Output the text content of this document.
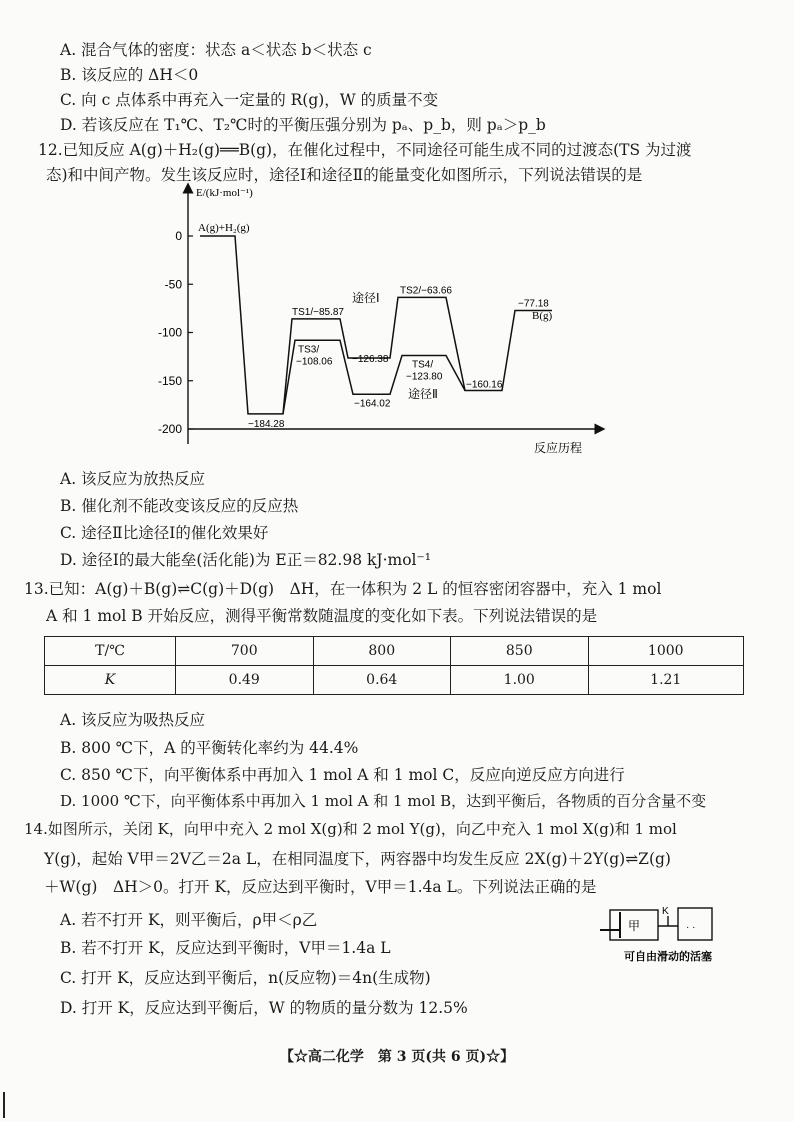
A. 混合气体的密度：状态 a＜状态 b＜状态 c
B. 该反应的 ΔH＜0
C. 向 c 点体系中再充入一定量的 R(g)，W 的质量不变
D. 若该反应在 T₁℃、T₂℃时的平衡压强分别为 pₐ、p_b，则 pₐ＞p_b
12.已知反应 A(g)＋H₂(g)══B(g)，在催化过程中，不同途径可能生成不同的过渡态(TS 为过渡
态)和中间产物。发生该反应时，途径Ⅰ和途径Ⅱ的能量变化如图所示，下列说法错误的是
E/(kJ·mol⁻¹)
反应历程
0
-50
-100
-150
-200	−184.28
TS1/−85.87
−126.38
TS2/−63.66
−160.16
−77.18
TS3/
−108.06
−164.02
TS4/
−123.80
A(g)+H₂(g)
B(g)
途径Ⅰ
途径Ⅱ
A. 该反应为放热反应
B. 催化剂不能改变该反应的反应热
C. 途径Ⅱ比途径Ⅰ的催化效果好
D. 途径Ⅰ的最大能垒(活化能)为 E正＝82.98 kJ·mol⁻¹
13.已知：A(g)＋B(g)⇌C(g)＋D(g)　ΔH，在一体积为 2 L 的恒容密闭容器中，充入 1 mol
A 和 1 mol B 开始反应，测得平衡常数随温度的变化如下表。下列说法错误的是
T/℃	700	800	850	1000
K	0.49	0.64	1.00	1.21
A. 该反应为吸热反应
B. 800 ℃下，A 的平衡转化率约为 44.4%
C. 850 ℃下，向平衡体系中再加入 1 mol A 和 1 mol C，反应向逆反应方向进行
D. 1000 ℃下，向平衡体系中再加入 1 mol A 和 1 mol B，达到平衡后，各物质的百分含量不变
14.如图所示，关闭 K，向甲中充入 2 mol X(g)和 2 mol Y(g)，向乙中充入 1 mol X(g)和 1 mol
Y(g)，起始 V甲＝2V乙＝2a L，在相同温度下，两容器中均发生反应 2X(g)＋2Y(g)⇌Z(g)
＋W(g)　ΔH＞0。打开 K，反应达到平衡时，V甲＝1.4a L。下列说法正确的是
A. 若不打开 K，则平衡后，ρ甲＜ρ乙
B. 若不打开 K，反应达到平衡时，V甲＝1.4a L
C. 打开 K，反应达到平衡后，n(反应物)＝4n(生成物)
D. 打开 K，反应达到平衡后，W 的物质的量分数为 12.5%
甲
K
· ·
可自由滑动的活塞
【☆高二化学　第 3 页(共 6 页)☆】
